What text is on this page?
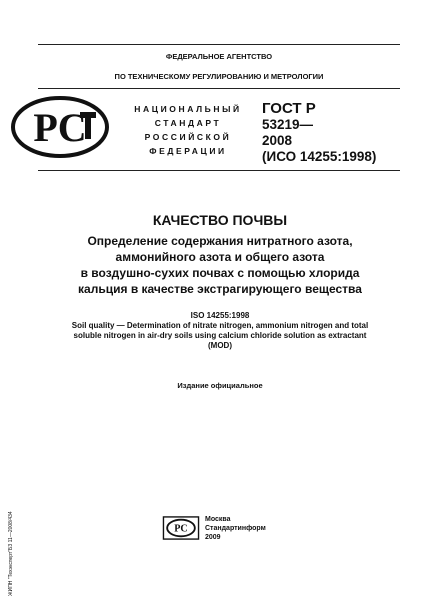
ФЕДЕРАЛЬНОЕ АГЕНТСТВО
ПО ТЕХНИЧЕСКОМУ РЕГУЛИРОВАНИЮ И МЕТРОЛОГИИ
PC	НАЦИОНАЛЬНЫЙ
СТАНДАРТ
РОССИЙСКОЙ
ФЕДЕРАЦИИ
ГОСТ Р
53219—
2008
(ИСО 14255:1998)
КАЧЕСТВО ПОЧВЫ
Определение содержания нитратного азота,
аммонийного азота и общего азота
в воздушно-сухих почвах с помощью хлорида
кальция в качестве экстрагирующего вещества
ISO 14255:1998
Soil quality — Determination of nitrate nitrogen, ammonium nitrogen and total
soluble nitrogen in air-dry soils using calcium chloride solution as extractant
(MOD)
Издание официальное
БЗ 11—2008/434
ЖИПН "Техэксперт"
PC
Москва
Стандартинформ
2009
